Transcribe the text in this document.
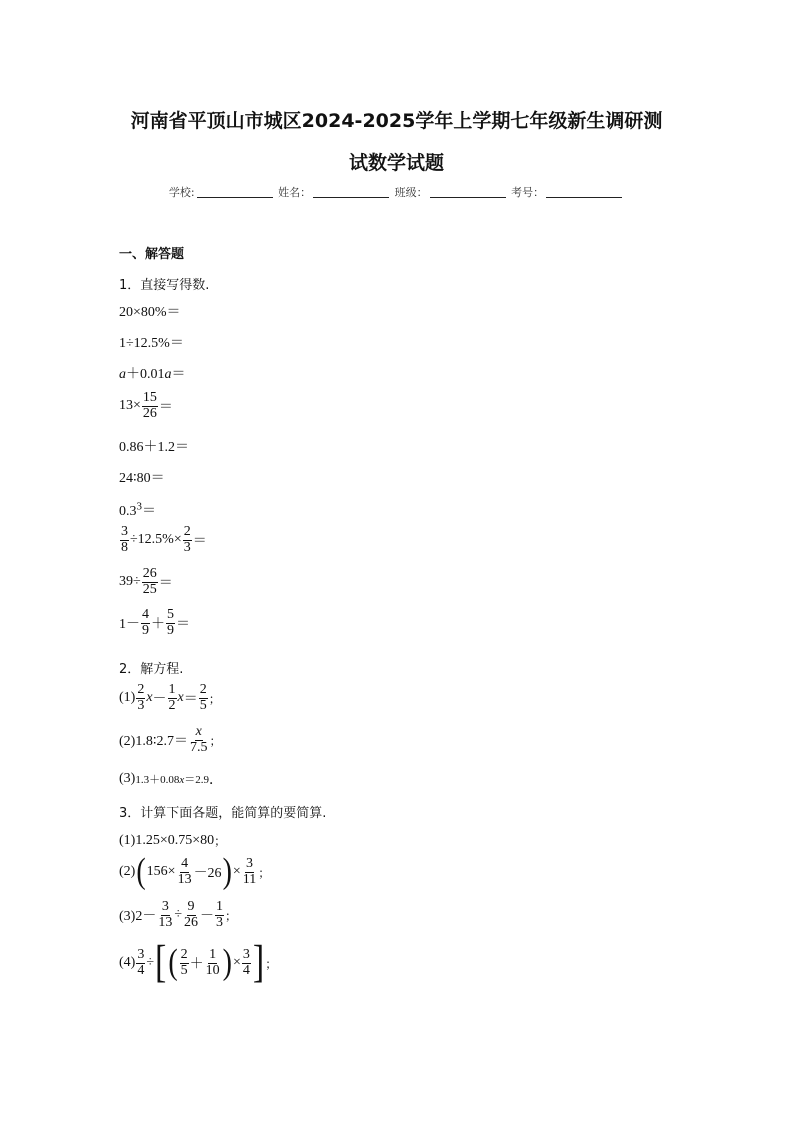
河南省平顶山市城区2024-2025学年上学期七年级新生调研测
试数学试题
学校:	姓名：	班级：	考号：
一、解答题
1．直接写得数.
20×80%＝
1÷12.5%＝
a＋0.01a＝
$13\times \frac{15}{26}$ ＝
0.86＋1.2＝
24∶80＝
$0.3^3=$
$\frac{3}{8} \div 12.5\%\times \frac{2}{3}$ ＝
$39\div \frac{26}{25}$ ＝
$1- \frac{4}{9} + \frac{5}{9}$ ＝
2．解方程.
$(1) \frac{2}{3}$ $x - \frac{1}{2}$ $x = \frac{2}{5}$ ；
(2)1.8∶2.7＝ $\frac{x}{7.5}$ ；
(3) 1.3＋0.08x＝2.9 ．
3．计算下面各题，能简算的要简算.
(1)1.25×0.75×80 ；
(2) ( $156\times \frac{4}{13} -26$ ) × $\frac{3}{11}$ ；
$(3)2- \frac{3}{13} \div \frac{9}{26} - \frac{1}{3}$ ；
$(4) \frac{3}{4}$ ÷ [ ( $\frac{2}{5} + \frac{1}{10}$ ) × $\frac{3}{4}$ ] ；
